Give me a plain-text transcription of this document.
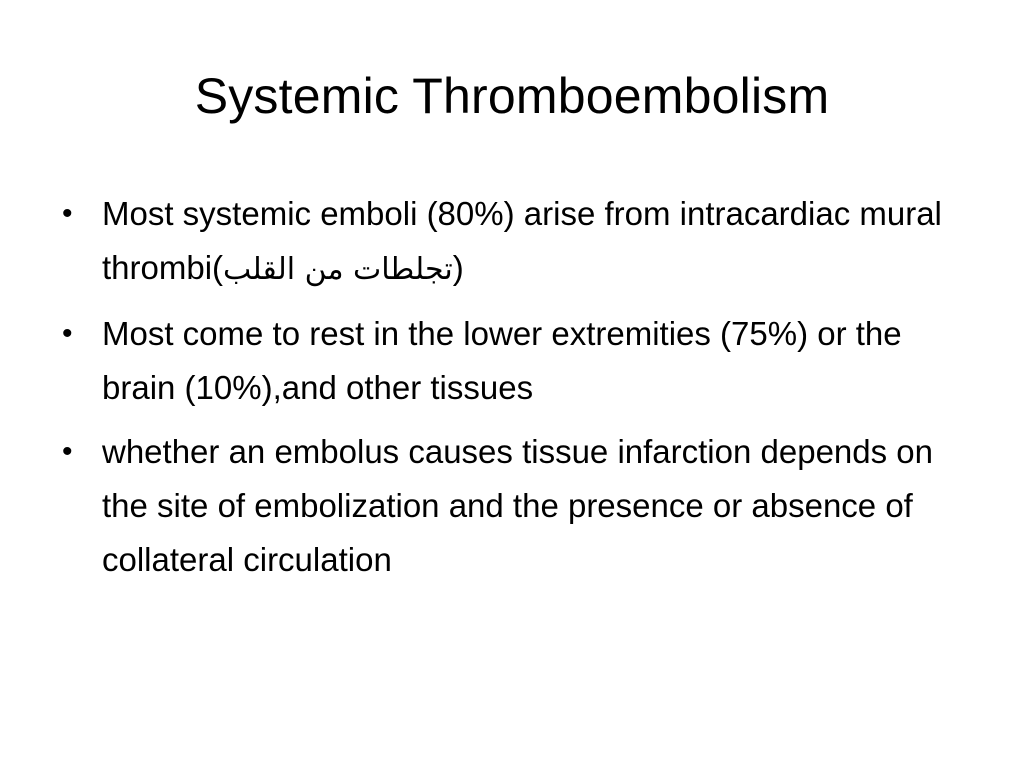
Systemic Thromboembolism
• Most systemic emboli (80%) arise from intracardiac mural thrombi(تجلطات من القلب)
• Most come to rest in the lower extremities (75%) or the brain (10%),and other tissues
• whether an embolus causes tissue infarction depends on the site of embolization and the presence or absence of collateral circulation
